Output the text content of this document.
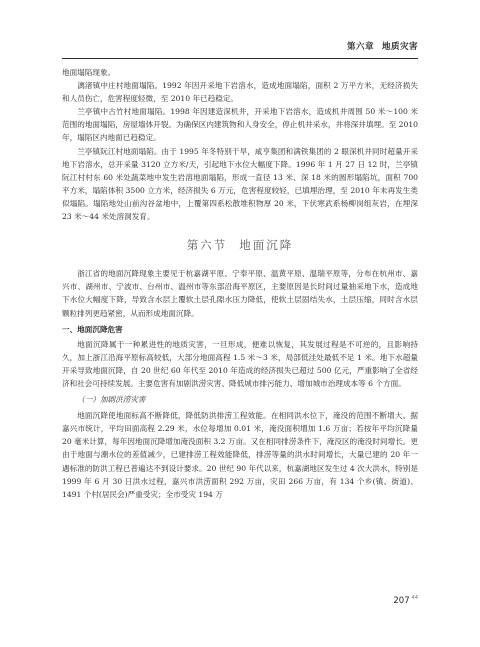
第六章 地质灾害

地面塌陷现象。

漓渚镇中庄村地面塌陷。1992 年因开采地下岩溶水，造成地面塌陷，面积 2 万平方米，无经济损失和人员伤亡，危害程度轻微，至 2010 年已趋稳定。

兰亭镇中古竹村地面塌陷。1998 年因建造深机井，开采地下岩溶水，造成机井周围 50 米～100 米范围的地面塌陷，房屋墙体开裂。为确保区内建筑物和人身安全，停止机井采水，井将深井填埋。至 2010 年，塌陷区内地面已趋稳定。

兰亭镇阮江村地面塌陷。由于 1995 年冬特别干旱，咸亨集团和满铁集团的 2 眼深机井同时超量开采地下岩溶水，总开采量 3120 立方米/天，引起地下水位大幅度下降。1996 年 1 月 27 日 12 时，兰亭镇阮江村村东 60 米处蔬菜地中发生岩溶地面塌陷，形成一直径 13 米、深 18 米的圆形塌陷坑，面积 700 平方米，塌陷体积 3500 立方米，经济损失 6 万元，危害程度较轻，已填埋治理，至 2010 年未再发生类似塌陷。塌陷地处山前沟谷盆地中，上覆第四系松散堆积物厚 20 米，下伏寒武系杨柳岗组灰岩，在埋深 23 米～44 米处溶洞发育。

第六节 地面沉降

浙江省的地面沉降现象主要见于杭嘉湖平原、宁奉平原、温黄平原、温瑞平原等，分布在杭州市、嘉兴市、湖州市、宁波市、台州市、温州市等东部沿海平原区，主要原因是长时间过量抽采地下水，造成地下水位大幅度下降，导致含水层上覆软土层孔隙水压力降低，使软土层固结失水，土层压缩，同时含水层颗粒排列更趋紧密，从而形成地面沉降。

一、地面沉降危害

地面沉降属于一种累进性的地质灾害，一旦形成，便难以恢复，其发展过程是不可逆的，且影响持久，加上浙江沿海平原标高较低，大部分地面高程 1.5 米～3 米，局部低洼处最低不足 1 米。地下水超量开采导致地面沉降，自 20 世纪 60 年代至 2010 年造成的经济损失已超过 500 亿元，严重影响了全省经济和社会可持续发展。主要危害有加剧洪涝灾害、降低城市排污能力、增加城市治理成本等 6 个方面。

（一）加剧洪涝灾害

地面沉降使地面标高不断降低，降低防洪排涝工程效能。在相同洪水位下，淹没的范围不断增大。据嘉兴市统计，平均田面高程 2.29 米，水位每增加 0.01 米，淹没面积增加 1.6 万亩；若按年平均沉降量 20 毫米计算，每年因地面沉降增加淹没面积 3.2 万亩。又在相同排涝条件下，淹没区的淹没时间增长。更由于地面与潮水位的差值减少，已建排涝工程效能降低，排涝等量的洪水时间增长，大量已建的 20 年一遇标准的防洪工程已普遍达不到设计要求。20 世纪 90 年代以来，杭嘉湖地区发生过 4 次大洪水，特别是 1999 年 6 月 30 日洪水过程，嘉兴市洪涝面积 292 万亩，灾田 266 万亩，有 134 个乡(镇、街道)、1491 个村(居民会)严重受灾；全市受灾 194 万

207 $^{44}$
